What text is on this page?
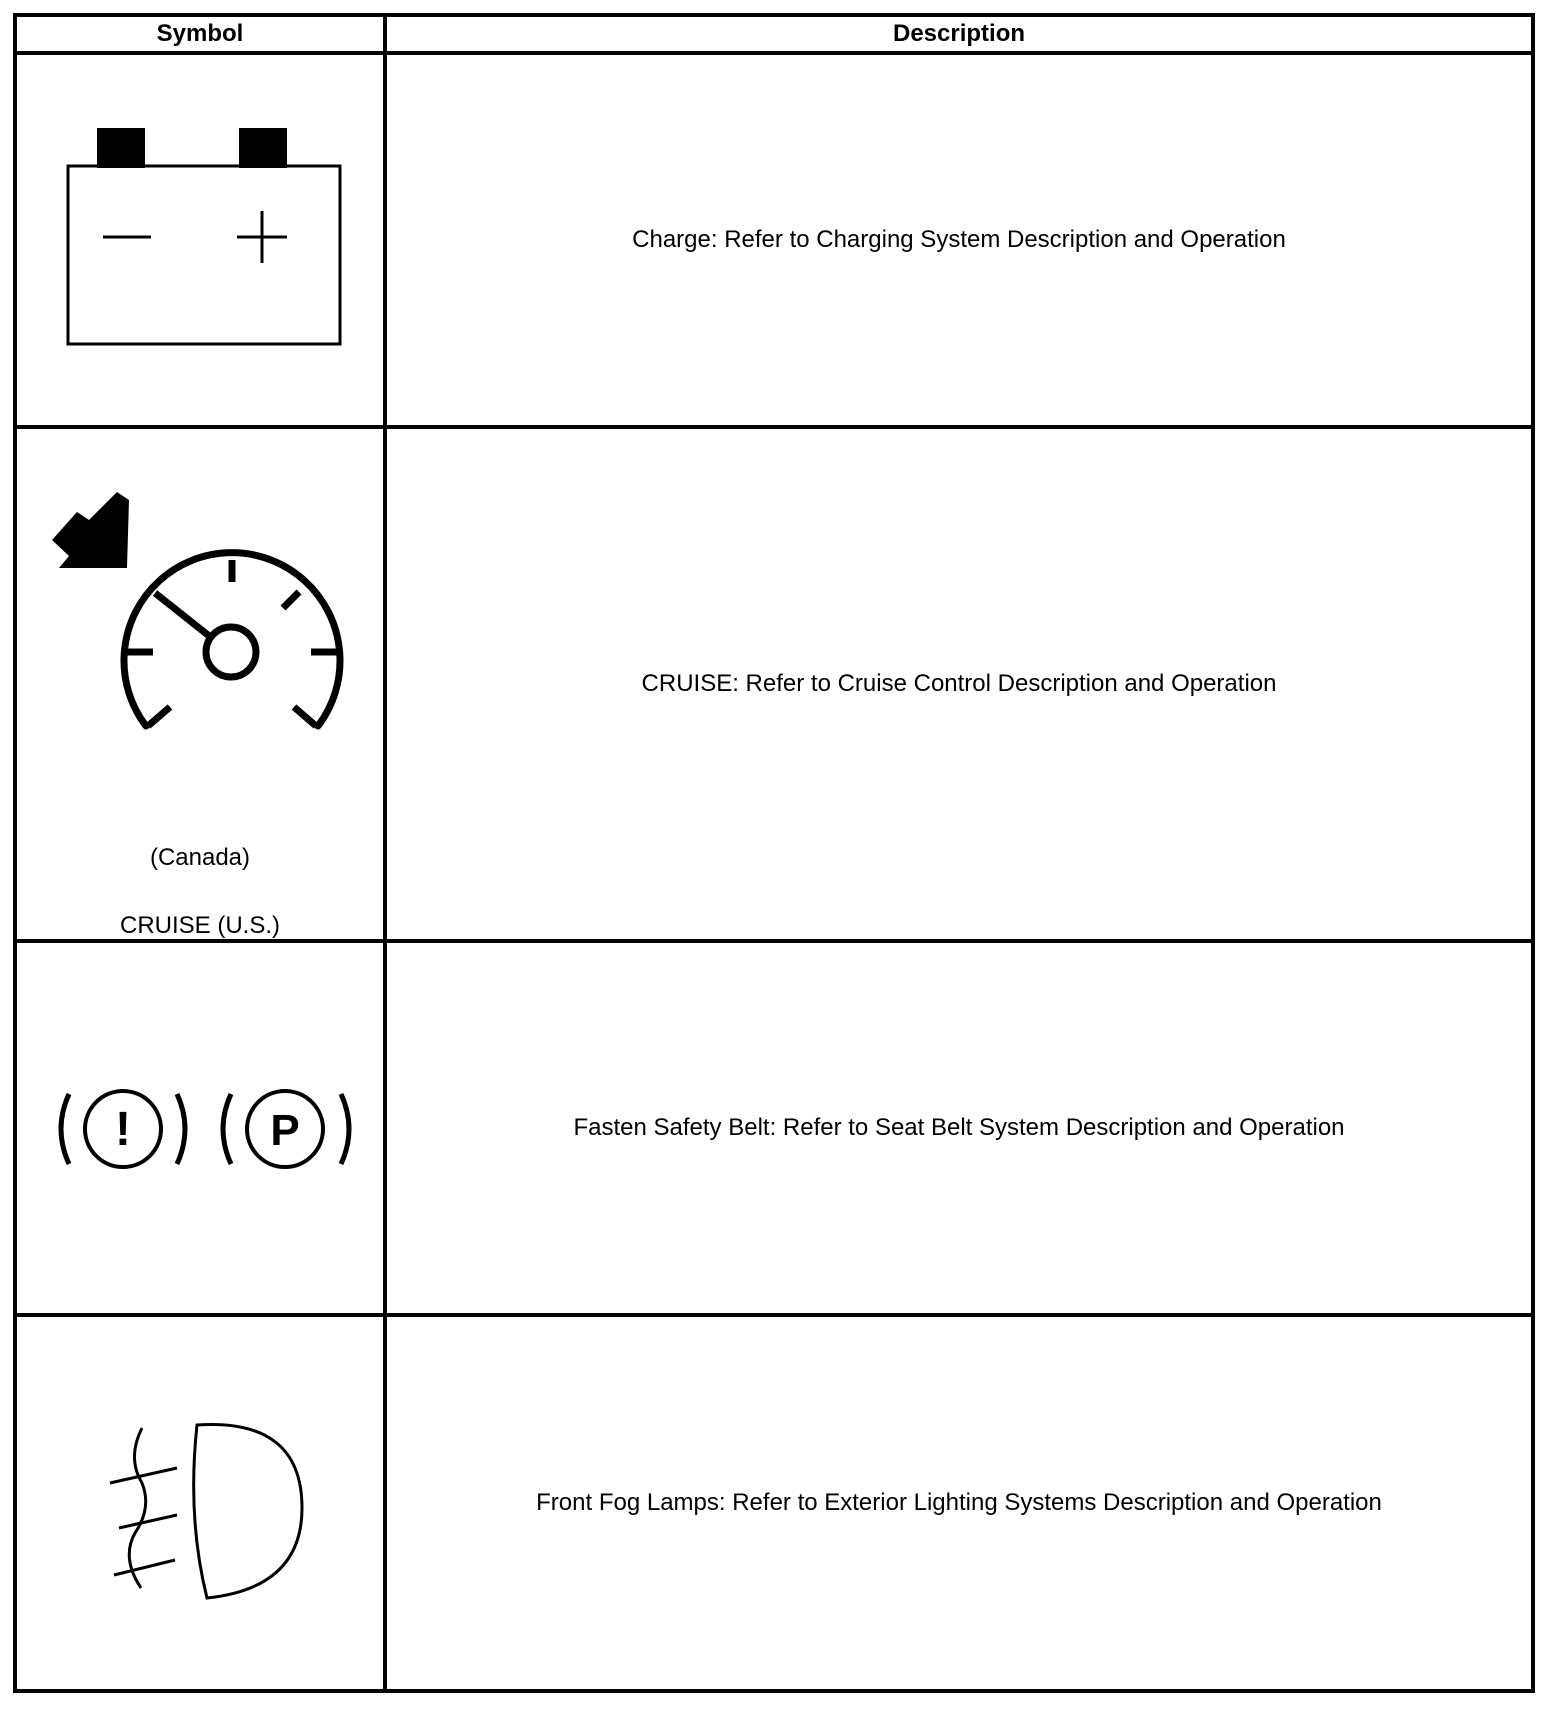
Symbol	Description

	Charge: Refer to Charging System Description and Operation

(Canada)
CRUISE (U.S.)	CRUISE: Refer to Cruise Control Description and Operation

! P	Fasten Safety Belt: Refer to Seat Belt System Description and Operation

	Front Fog Lamps: Refer to Exterior Lighting Systems Description and Operation
